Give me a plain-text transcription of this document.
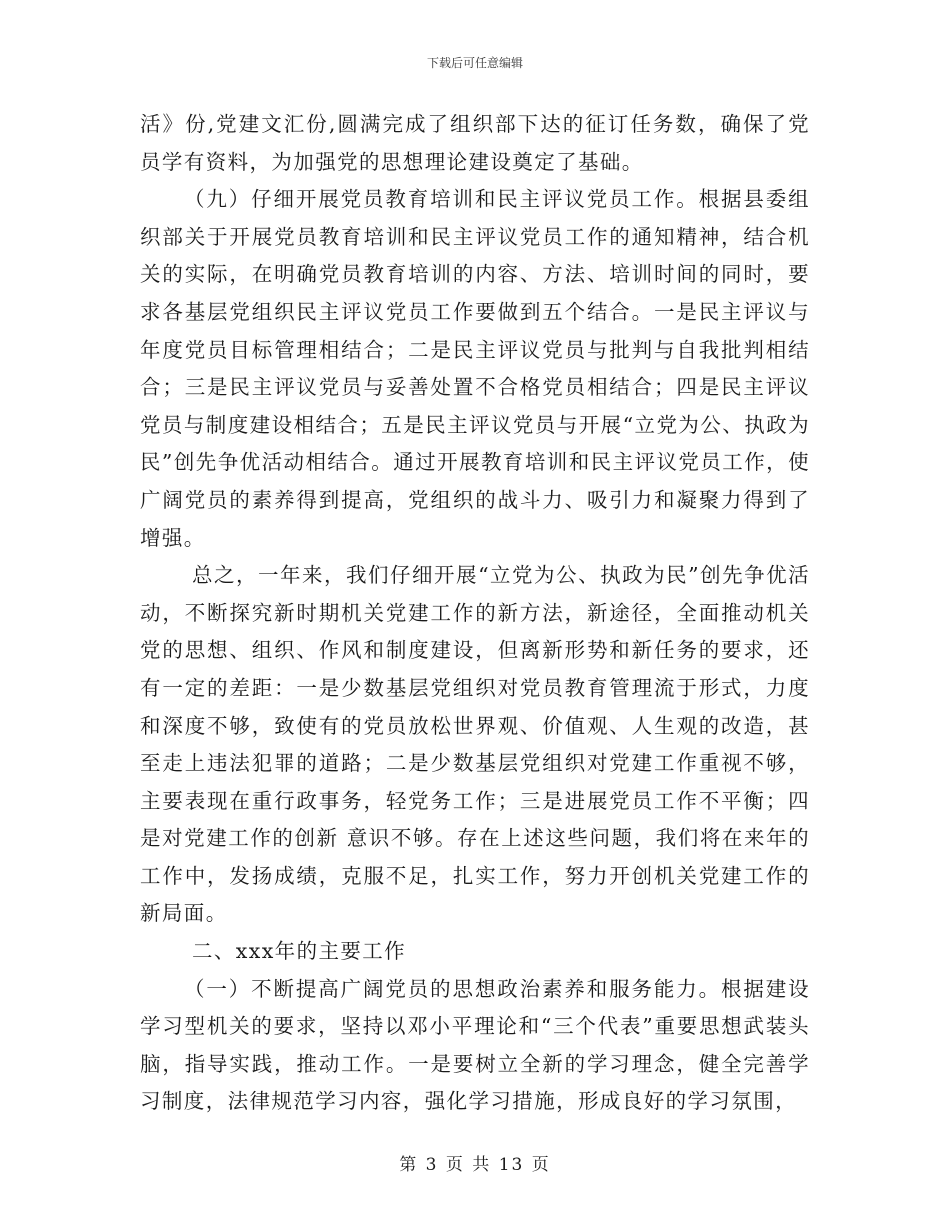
下载后可任意编辑

活》份,党建文汇份,圆满完成了组织部下达的征订任务数，确保了党员学有资料，为加强党的思想理论建设奠定了基础。

（九）仔细开展党员教育培训和民主评议党员工作。根据县委组织部关于开展党员教育培训和民主评议党员工作的通知精神，结合机关的实际，在明确党员教育培训的内容、方法、培训时间的同时，要求各基层党组织民主评议党员工作要做到五个结合。一是民主评议与年度党员目标管理相结合；二是民主评议党员与批判与自我批判相结合；三是民主评议党员与妥善处置不合格党员相结合；四是民主评议党员与制度建设相结合；五是民主评议党员与开展“立党为公、执政为民”创先争优活动相结合。通过开展教育培训和民主评议党员工作，使广阔党员的素养得到提高，党组织的战斗力、吸引力和凝聚力得到了增强。

总之，一年来，我们仔细开展“立党为公、执政为民”创先争优活动，不断探究新时期机关党建工作的新方法，新途径，全面推动机关党的思想、组织、作风和制度建设，但离新形势和新任务的要求，还有一定的差距：一是少数基层党组织对党员教育管理流于形式，力度和深度不够，致使有的党员放松世界观、价值观、人生观的改造，甚至走上违法犯罪的道路；二是少数基层党组织对党建工作重视不够，主要表现在重行政事务，轻党务工作；三是进展党员工作不平衡；四是对党建工作的创新 意识不够。存在上述这些问题，我们将在来年的工作中，发扬成绩，克服不足，扎实工作，努力开创机关党建工作的新局面。

二、xxx年的主要工作

（一）不断提高广阔党员的思想政治素养和服务能力。根据建设学习型机关的要求，坚持以邓小平理论和“三个代表”重要思想武装头脑，指导实践，推动工作。一是要树立全新的学习理念，健全完善学习制度，法律规范学习内容，强化学习措施，形成良好的学习氛围，

第 3 页 共 13 页
